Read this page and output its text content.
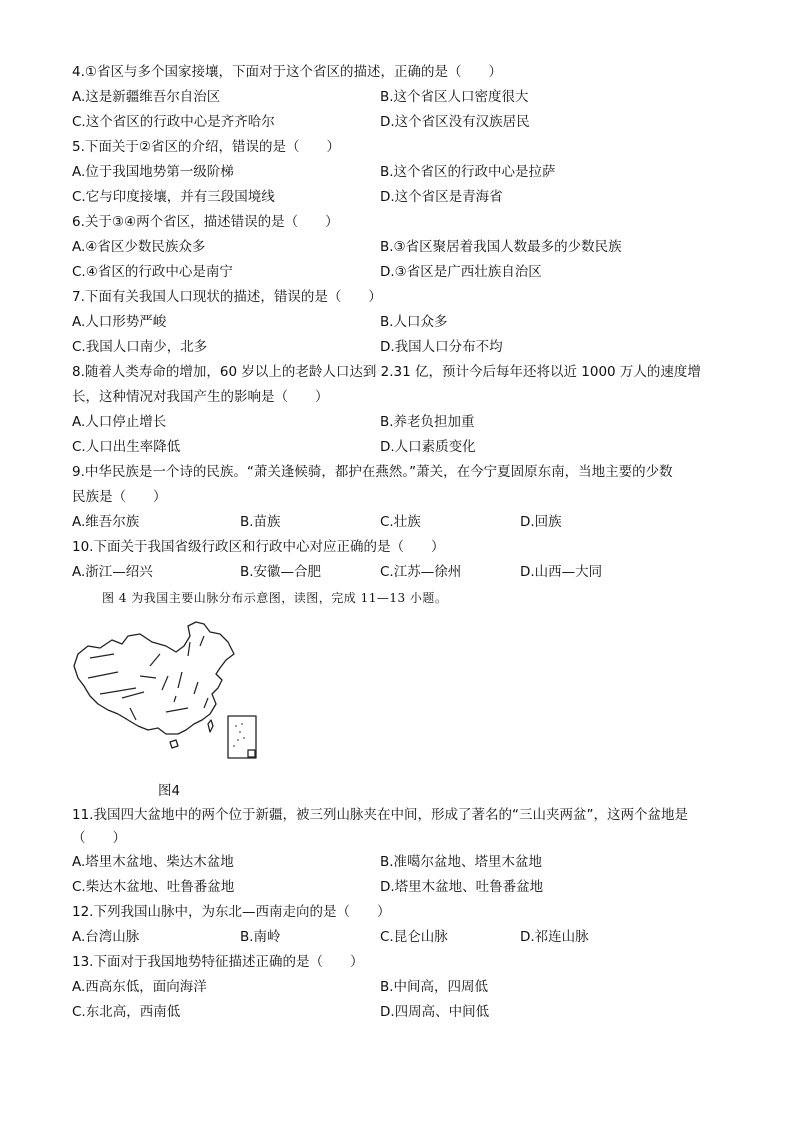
4.①省区与多个国家接壤，下面对于这个省区的描述，正确的是（　　）
A.这是新疆维吾尔自治区	B.这个省区人口密度很大
C.这个省区的行政中心是齐齐哈尔	D.这个省区没有汉族居民
5.下面关于②省区的介绍，错误的是（　　）
A.位于我国地势第一级阶梯	B.这个省区的行政中心是拉萨
C.它与印度接壤，并有三段国境线	D.这个省区是青海省
6.关于③④两个省区，描述错误的是（　　）
A.④省区少数民族众多	B.③省区聚居着我国人数最多的少数民族
C.④省区的行政中心是南宁	D.③省区是广西壮族自治区
7.下面有关我国人口现状的描述，错误的是（　　）
A.人口形势严峻	B.人口众多
C.我国人口南少，北多	D.我国人口分布不均
8.随着人类寿命的增加，60 岁以上的老龄人口达到 2.31 亿，预计今后每年还将以近 1000 万人的速度增
长，这种情况对我国产生的影响是（　　）
A.人口停止增长	B.养老负担加重
C.人口出生率降低	D.人口素质变化
9.中华民族是一个诗的民族。“萧关逢候骑，都护在燕然。”萧关，在今宁夏固原东南，当地主要的少数
民族是（　　）
A.维吾尔族	B.苗族	C.壮族	D.回族
10.下面关于我国省级行政区和行政中心对应正确的是（　　）
A.浙江—绍兴	B.安徽—合肥	C.江苏—徐州	D.山西—大同
图 4 为我国主要山脉分布示意图，读图，完成 11—13 小题。
图4
11.我国四大盆地中的两个位于新疆，被三列山脉夹在中间，形成了著名的“三山夹两盆”，这两个盆地是
（　　）
A.塔里木盆地、柴达木盆地	B.准噶尔盆地、塔里木盆地
C.柴达木盆地、吐鲁番盆地	D.塔里木盆地、吐鲁番盆地
12.下列我国山脉中，为东北—西南走向的是（　　）
A.台湾山脉	B.南岭	C.昆仑山脉	D.祁连山脉
13.下面对于我国地势特征描述正确的是（　　）
A.西高东低，面向海洋	B.中间高，四周低
C.东北高，西南低	D.四周高、中间低
